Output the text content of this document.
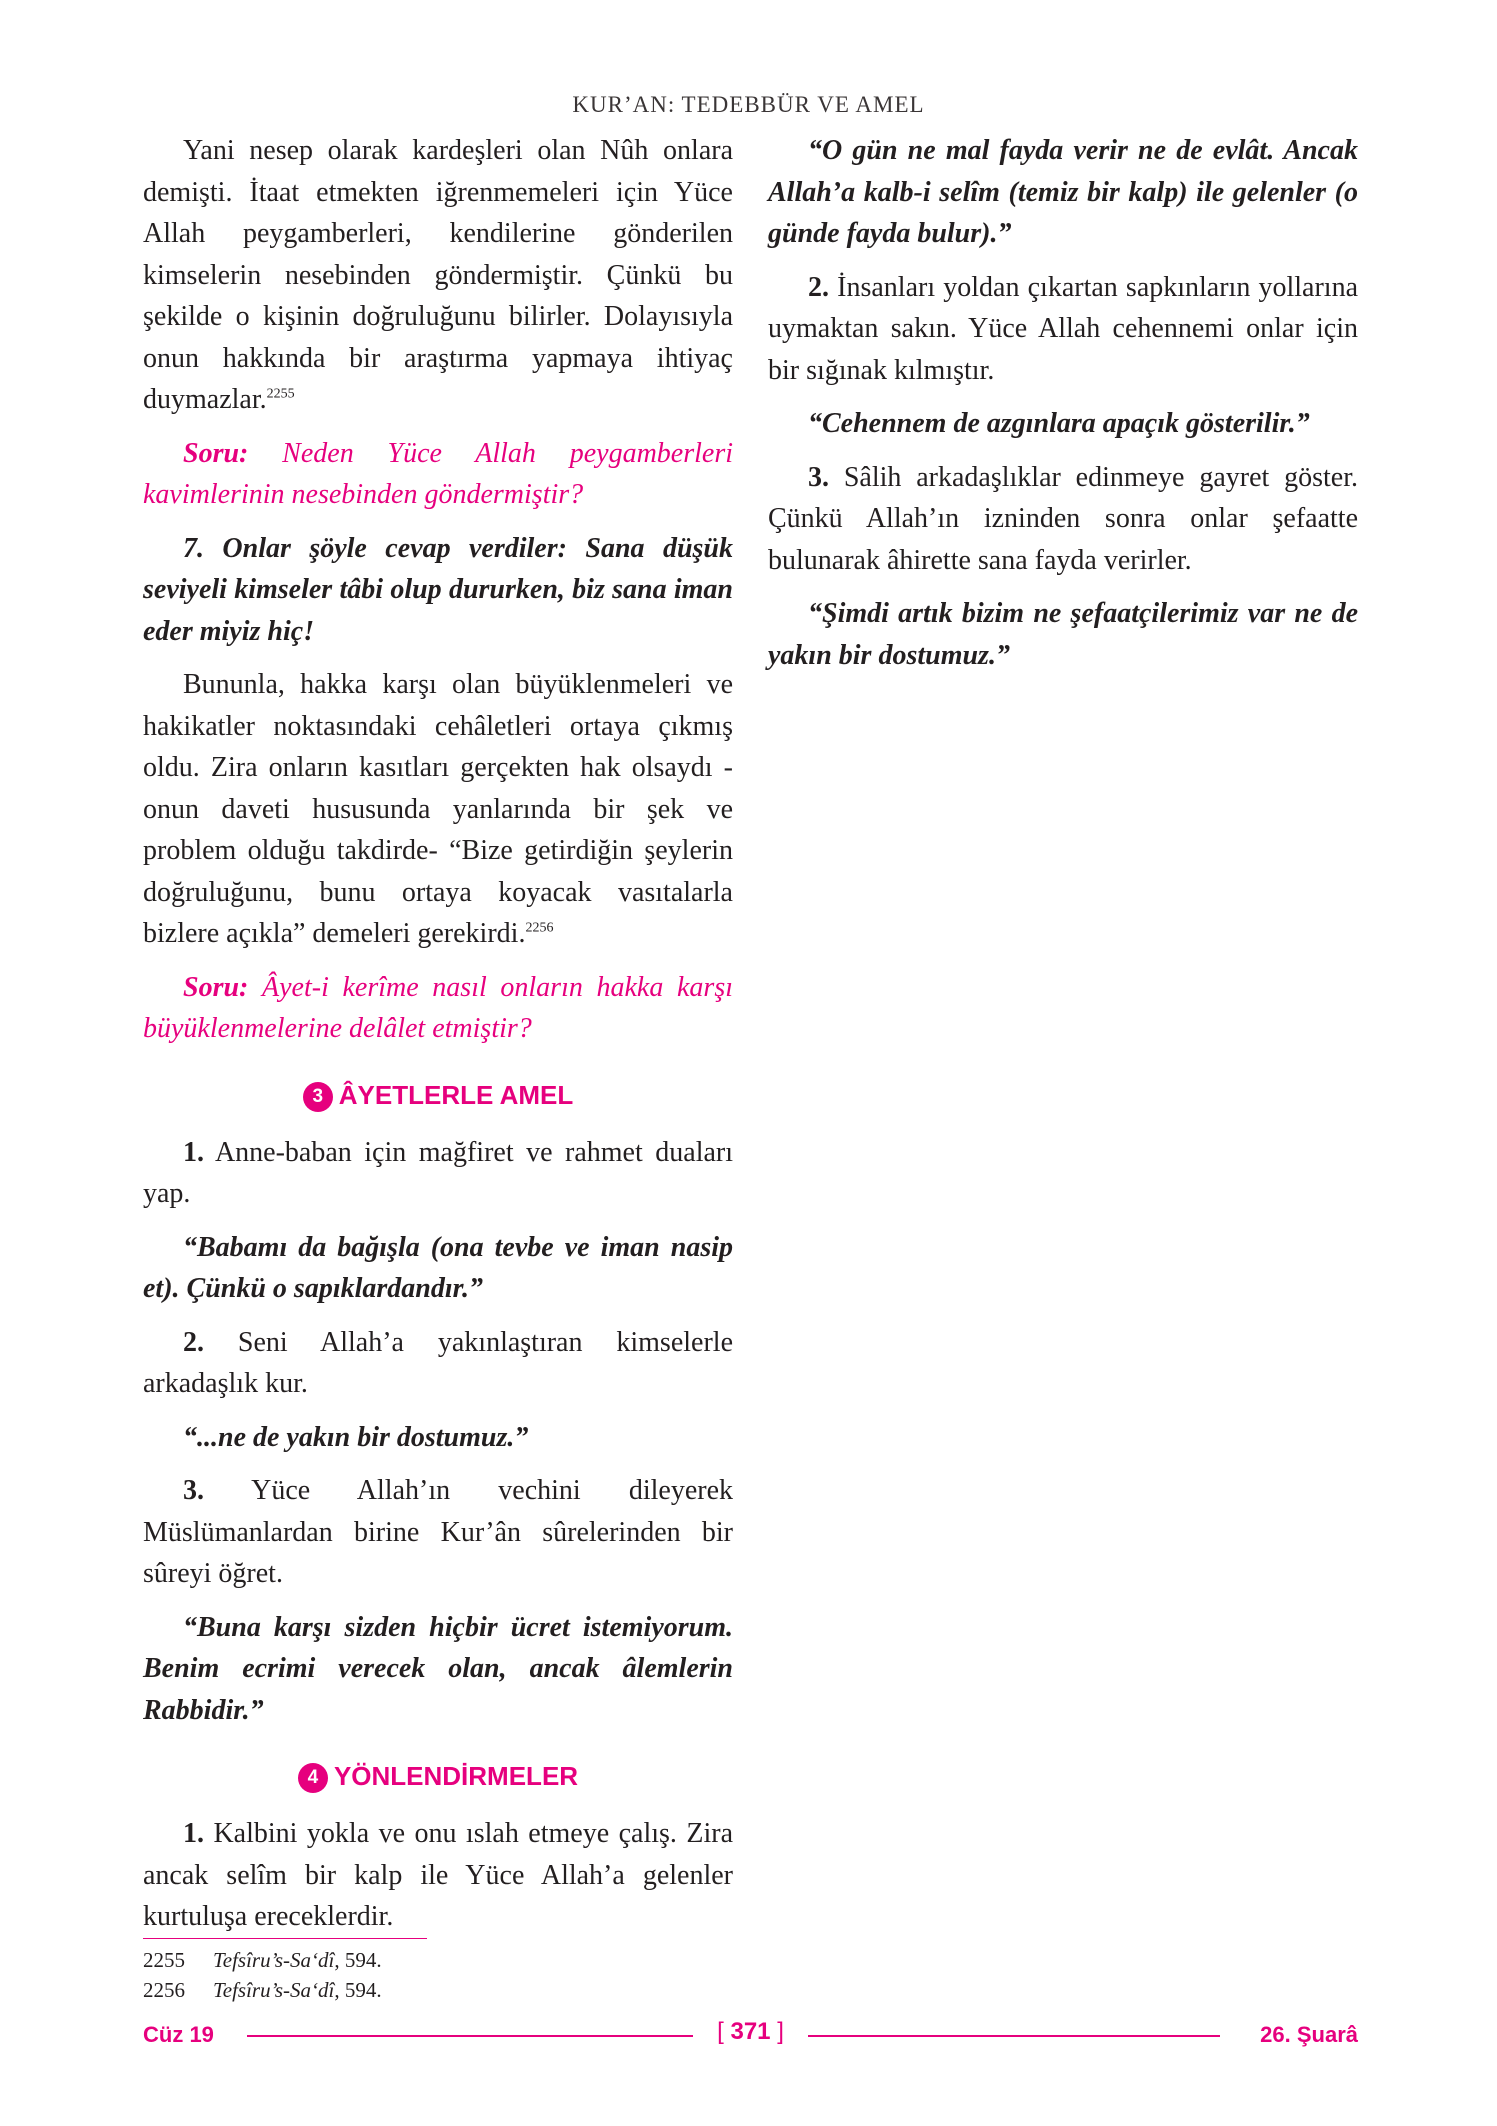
KUR’AN: TEDEBBÜR VE AMEL

Yani nesep olarak kardeşleri olan Nûh onlara demişti. İtaat etmekten iğrenmemeleri için Yüce Allah peygamberleri, kendilerine gönderilen kimselerin nesebinden göndermiştir. Çünkü bu şekilde o kişinin doğruluğunu bilirler. Dolayısıyla onun hakkında bir araştırma yapmaya ihtiyaç duymazlar.$^{2255}$

Soru: Neden Yüce Allah peygamberleri kavimlerinin nesebinden göndermiştir?

7. Onlar şöyle cevap verdiler: Sana düşük seviyeli kimseler tâbi olup dururken, biz sana iman eder miyiz hiç!

Bununla, hakka karşı olan büyüklenmeleri ve hakikatler noktasındaki cehâletleri ortaya çıkmış oldu. Zira onların kasıtları gerçekten hak olsaydı -onun daveti hususunda yanlarında bir şek ve problem olduğu takdirde- “Bize getirdiğin şeylerin doğruluğunu, bunu ortaya koyacak vasıtalarla bizlere açıkla” demeleri gerekirdi.$^{2256}$

Soru: Âyet-i kerîme nasıl onların hakka karşı büyüklenmelerine delâlet etmiştir?

3 ÂYETLERLE AMEL

1. Anne-baban için mağfiret ve rahmet duaları yap.

“Babamı da bağışla (ona tevbe ve iman nasip et). Çünkü o sapıklardandır.”

2. Seni Allah’a yakınlaştıran kimselerle arkadaşlık kur.

“...ne de yakın bir dostumuz.”

3. Yüce Allah’ın vechini dileyerek Müslümanlardan birine Kur’ân sûrelerinden bir sûreyi öğret.

“Buna karşı sizden hiçbir ücret istemiyorum. Benim ecrimi verecek olan, ancak âlemlerin Rabbidir.”

4 YÖNLENDİRMELER

1. Kalbini yokla ve onu ıslah etmeye çalış. Zira ancak selîm bir kalp ile Yüce Allah’a gelenler kurtuluşa ereceklerdir.

“O gün ne mal fayda verir ne de evlât. Ancak Allah’a kalb-i selîm (temiz bir kalp) ile gelenler (o günde fayda bulur).”

2. İnsanları yoldan çıkartan sapkınların yollarına uymaktan sakın. Yüce Allah cehennemi onlar için bir sığınak kılmıştır.

“Cehennem de azgınlara apaçık gösterilir.”

3. Sâlih arkadaşlıklar edinmeye gayret göster. Çünkü Allah’ın izninden sonra onlar şefaatte bulunarak âhirette sana fayda verirler.

“Şimdi artık bizim ne şefaatçilerimiz var ne de yakın bir dostumuz.”

2255 Tefsîru’s-Sa‘dî, 594.
2256 Tefsîru’s-Sa‘dî, 594.
Cüz 19	[ 371 ]	26. Şuarâ
